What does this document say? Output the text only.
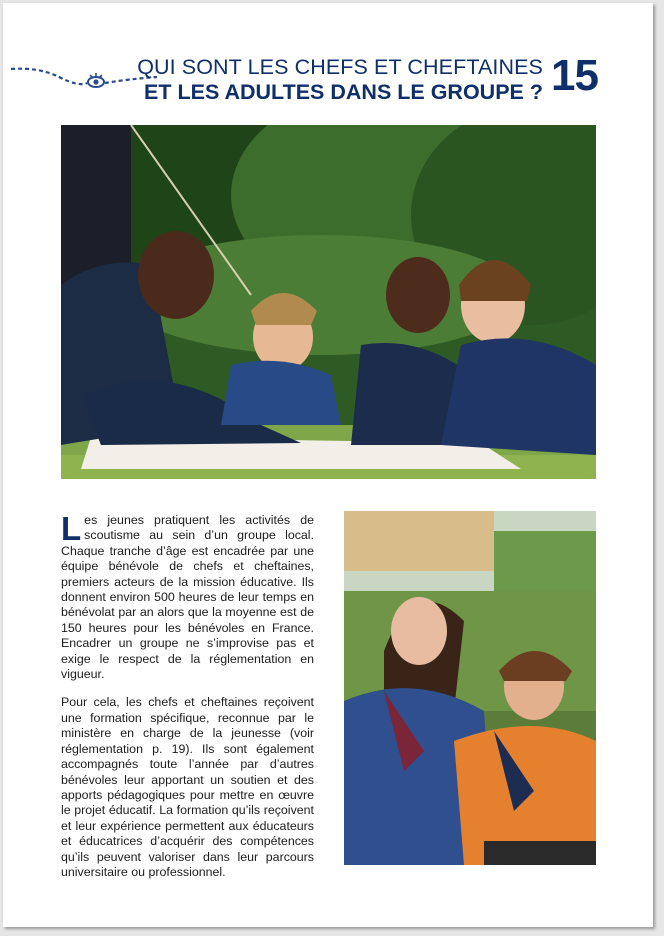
QUI SONT LES CHEFS ET CHEFTAINES
ET LES ADULTES DANS LE GROUPE ? 15

Les jeunes pratiquent les activités de scoutisme au sein d’un groupe local. Chaque tranche d’âge est encadrée par une équipe bénévole de chefs et cheftaines, premiers acteurs de la mission éducative. Ils donnent environ 500 heures de leur temps en bénévolat par an alors que la moyenne est de 150 heures pour les bénévoles en France. Encadrer un groupe ne s’improvise pas et exige le respect de la réglementation en vigueur.

Pour cela, les chefs et cheftaines reçoivent une formation spécifique, reconnue par le ministère en charge de la jeunesse (voir réglementation p. 19). Ils sont également accompagnés toute l’année par d’autres bénévoles leur apportant un soutien et des apports pédagogiques pour mettre en œuvre le projet éducatif. La formation qu’ils reçoivent et leur expérience permettent aux éducateurs et éducatrices d’acquérir des compétences qu’ils peuvent valoriser dans leur parcours universitaire ou professionnel.
